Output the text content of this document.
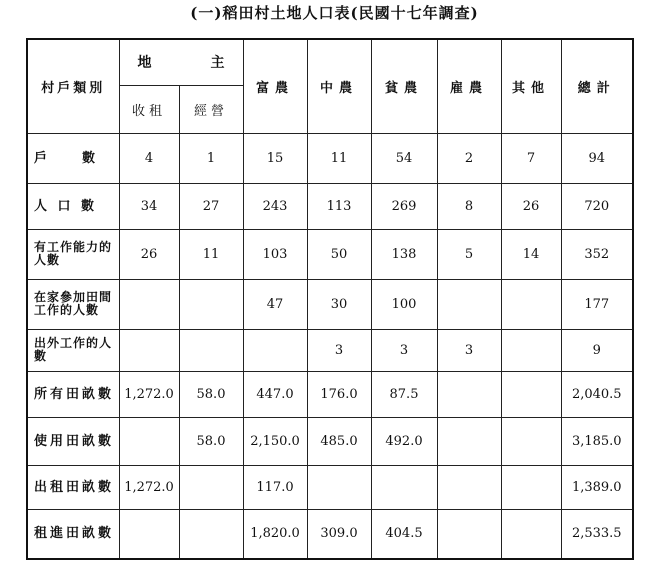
(一)稻田村土地人口表(民國十七年調查)
村戶類別	地 主		富農	中農	貧農	雇農	其他	總計
	收租	經營						
戶　　數	4	1	15	11	54	2	7	94
人 口 數	34	27	243	113	269	8	26	720
有工作能力的人數	26	11	103	50	138	5	14	352
在家參加田間工作的人數			47	30	100			177
出外工作的人數				3	3	3		9
所有田畝數	1,272.0	58.0	447.0	176.0	87.5			2,040.5
使用田畝數		58.0	2,150.0	485.0	492.0			3,185.0
出租田畝數	1,272.0		117.0					1,389.0
租進田畝數			1,820.0	309.0	404.5			2,533.5
